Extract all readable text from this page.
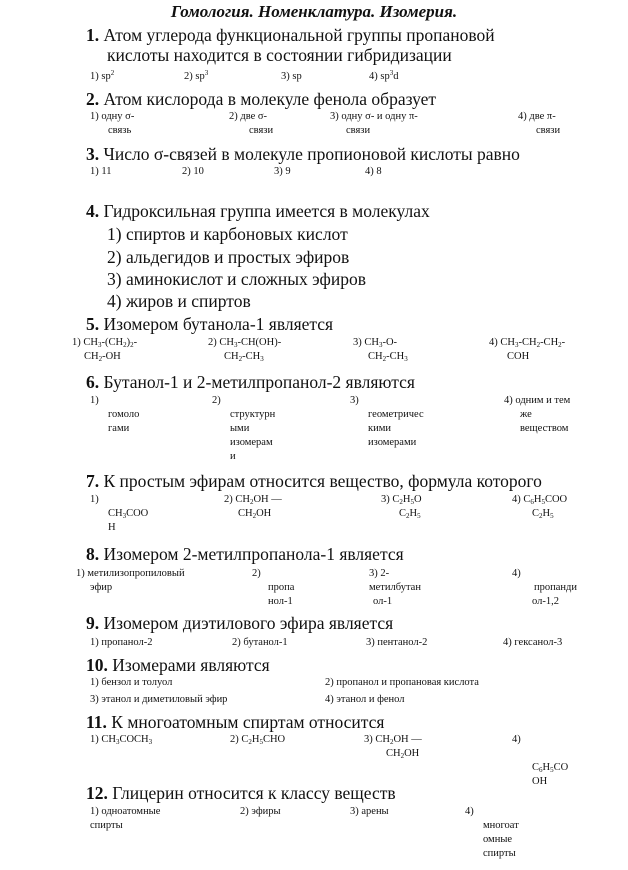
Гомология. Номенклатура. Изомерия.
1. Атом углерода функциональной группы пропановой
кислоты находится в состоянии гибридизации
1) $sp^2$	2) $sp^3$	3) sp	4) $sp^3d$
2. Атом кислорода в молекуле фенола образует
1) одну σ-
связь
2) две σ-
связи
3) одну σ- и одну π-
связи
4) две π-
связи
3. Число σ-связей в молекуле пропионовой кислоты равно
1) 11	2) 10	3) 9	4) 8
4. Гидроксильная группа имеется в молекулах
1) спиртов и карбоновых кислот
2) альдегидов и простых эфиров
3) аминокислот и сложных эфиров
4) жиров и спиртов
5. Изомером бутанола-1 является
1) $CH_3-(CH_2)_2-$
$CH_2-OH$
2) $CH_3-CH(OH)-$
$CH_2-CH_3$
3) $CH_3-O-$
$CH_2-CH_3$
4) $CH_3-CH_2-CH_2-$
COH
6. Бутанол-1 и 2-метилпропанол-2 являются
1)
гомоло
гами
2)
структурн
ыми
изомерам
и
3)
геометричес
кими
изомерами
4) одним и тем
же
веществом
7. К простым эфирам относится вещество, формула которого
1)
$CH_3COO$
H
2) $CH_2OH$ —
$CH_2OH$
3) $C_2H_5O$
$C_2H_5$
4) $C_6H_5COO$
$C_2H_5$
8. Изомером 2-метилпропанола-1 является
1) метилизопропиловый
эфир
2)
пропа
нол-1
3) 2-
метилбутан
ол-1
4)
пропанди
ол-1,2
9. Изомером диэтилового эфира является
1) пропанол-2	2) бутанол-1	3) пентанол-2	4) гексанол-3
10. Изомерами являются
1) бензол и толуол	2) пропанол и пропановая кислота
3) этанол и диметиловый эфир	4) этанол и фенол
11. К многоатомным спиртам относится
1) $CH_3COCH_3$	2) $C_2H_5CHO$	3) $CH_2OH$ —
$CH_2OH$
4)

$C_6H_5CO$
OH
12. Глицерин относится к классу веществ
1) одноатомные
спирты
2) эфиры	3) арены	4)
многоат
омные
спирты
